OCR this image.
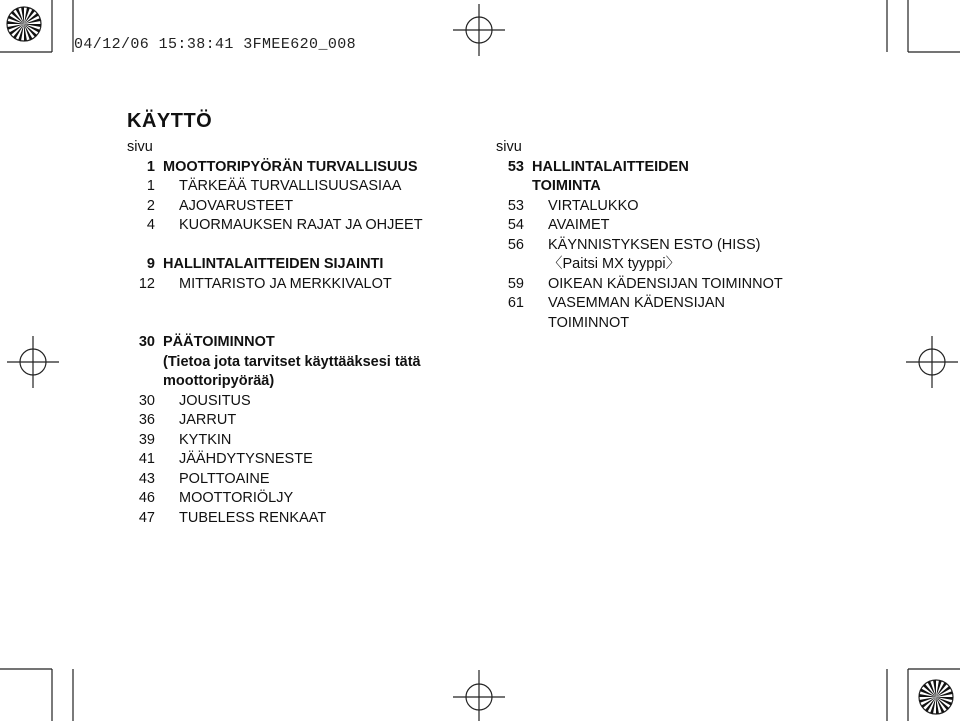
04/12/06 15:38:41 3FMEE620_008
KÄYTTÖ
sivu
1 MOOTTORIPYÖRÄN TURVALLISUUS
1	TÄRKEÄÄ TURVALLISUUSASIAA
2	AJOVARUSTEET
4	KUORMAUKSEN RAJAT JA OHJEET
9 HALLINTALAITTEIDEN SIJAINTI
12	MITTARISTO JA MERKKIVALOT
30 PÄÄTOIMINNOT
(Tietoa jota tarvitset käyttääksesi tätä
moottoripyörää)
30	JOUSITUS
36	JARRUT
39	KYTKIN
41	JÄÄHDYTYSNESTE
43	POLTTOAINE
46	MOOTTORIÖLJY
47	TUBELESS RENKAAT
sivu
53 HALLINTALAITTEIDEN
TOIMINTA
53	VIRTALUKKO
54	AVAIMET
56	KÄYNNISTYKSEN ESTO (HISS)
〈Paitsi MX tyyppi〉
59	OIKEAN KÄDENSIJAN TOIMINNOT
61	VASEMMAN KÄDENSIJAN
TOIMINNOT
